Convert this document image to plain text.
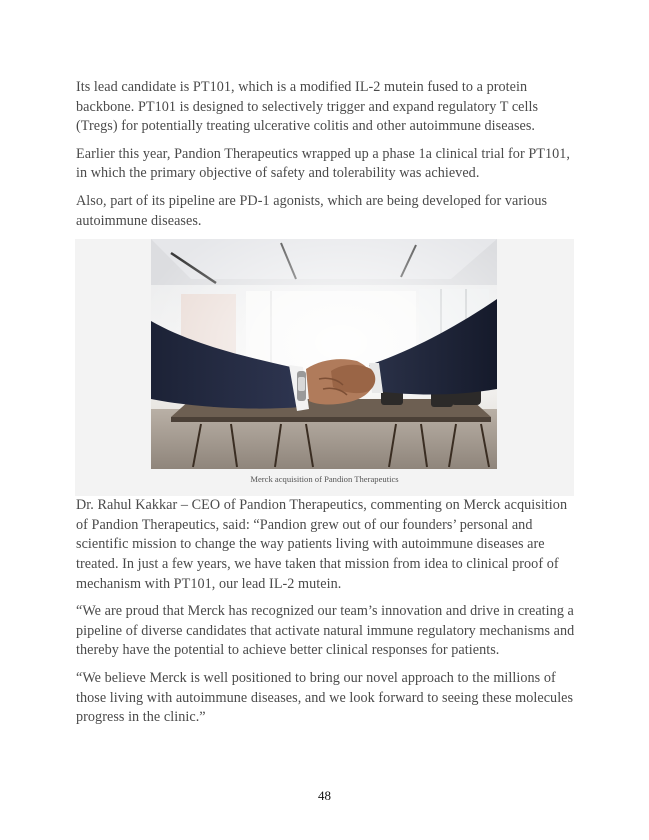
Its lead candidate is PT101, which is a modified IL-2 mutein fused to a protein backbone. PT101 is designed to selectively trigger and expand regulatory T cells (Tregs) for potentially treating ulcerative colitis and other autoimmune diseases.

Earlier this year, Pandion Therapeutics wrapped up a phase 1a clinical trial for PT101, in which the primary objective of safety and tolerability was achieved.

Also, part of its pipeline are PD-1 agonists, which are being developed for various autoimmune diseases.

Merck acquisition of Pandion Therapeutics

Dr. Rahul Kakkar – CEO of Pandion Therapeutics, commenting on Merck acquisition of Pandion Therapeutics, said: “Pandion grew out of our founders’ personal and scientific mission to change the way patients living with autoimmune diseases are treated. In just a few years, we have taken that mission from idea to clinical proof of mechanism with PT101, our lead IL-2 mutein.

“We are proud that Merck has recognized our team’s innovation and drive in creating a pipeline of diverse candidates that activate natural immune regulatory mechanisms and thereby have the potential to achieve better clinical responses for patients.

“We believe Merck is well positioned to bring our novel approach to the millions of those living with autoimmune diseases, and we look forward to seeing these molecules progress in the clinic.”

48
